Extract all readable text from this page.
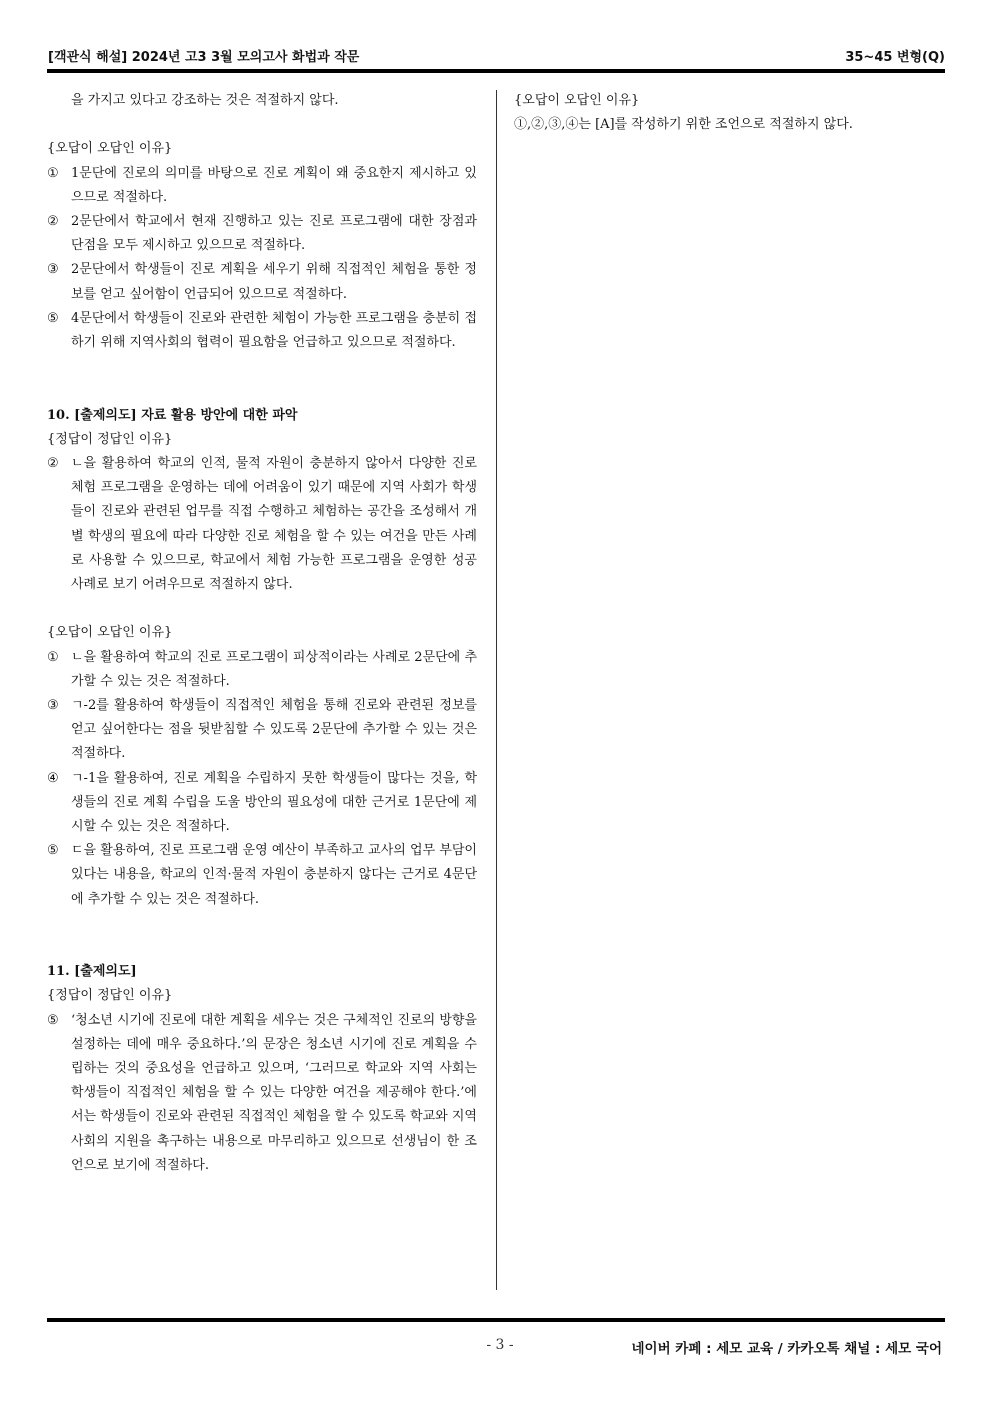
[객관식 해설] 2024년 고3 3월 모의고사 화법과 작문	35~45 변형(Q)

을 가지고 있다고 강조하는 것은 적절하지 않다.

{오답이 오답인 이유}

① 1문단에 진로의 의미를 바탕으로 진로 계획이 왜 중요한지 제시하고 있으므로 적절하다.
② 2문단에서 학교에서 현재 진행하고 있는 진로 프로그램에 대한 장점과 단점을 모두 제시하고 있으므로 적절하다.
③ 2문단에서 학생들이 진로 계획을 세우기 위해 직접적인 체험을 통한 정보를 얻고 싶어함이 언급되어 있으므로 적절하다.
⑤ 4문단에서 학생들이 진로와 관련한 체험이 가능한 프로그램을 충분히 접하기 위해 지역사회의 협력이 필요함을 언급하고 있으므로 적절하다.

10. [출제의도] 자료 활용 방안에 대한 파악

{정답이 정답인 이유}

② ㄴ을 활용하여 학교의 인적, 물적 자원이 충분하지 않아서 다양한 진로 체험 프로그램을 운영하는 데에 어려움이 있기 때문에 지역 사회가 학생들이 진로와 관련된 업무를 직접 수행하고 체험하는 공간을 조성해서 개별 학생의 필요에 따라 다양한 진로 체험을 할 수 있는 여건을 만든 사례로 사용할 수 있으므로, 학교에서 체험 가능한 프로그램을 운영한 성공 사례로 보기 어려우므로 적절하지 않다.

{오답이 오답인 이유}

① ㄴ을 활용하여 학교의 진로 프로그램이 피상적이라는 사례로 2문단에 추가할 수 있는 것은 적절하다.
③ ㄱ-2를 활용하여 학생들이 직접적인 체험을 통해 진로와 관련된 정보를 얻고 싶어한다는 점을 뒷받침할 수 있도록 2문단에 추가할 수 있는 것은 적절하다.
④ ㄱ-1을 활용하여, 진로 계획을 수립하지 못한 학생들이 많다는 것을, 학생들의 진로 계획 수립을 도울 방안의 필요성에 대한 근거로 1문단에 제시할 수 있는 것은 적절하다.
⑤ ㄷ을 활용하여, 진로 프로그램 운영 예산이 부족하고 교사의 업무 부담이 있다는 내용을, 학교의 인적·물적 자원이 충분하지 않다는 근거로 4문단에 추가할 수 있는 것은 적절하다.

11. [출제의도]

{정답이 정답인 이유}

⑤ ‘청소년 시기에 진로에 대한 계획을 세우는 것은 구체적인 진로의 방향을 설정하는 데에 매우 중요하다.’의 문장은 청소년 시기에 진로 계획을 수립하는 것의 중요성을 언급하고 있으며, ‘그러므로 학교와 지역 사회는 학생들이 직접적인 체험을 할 수 있는 다양한 여건을 제공해야 한다.’에서는 학생들이 진로와 관련된 직접적인 체험을 할 수 있도록 학교와 지역 사회의 지원을 촉구하는 내용으로 마무리하고 있으므로 선생님이 한 조언으로 보기에 적절하다.

{오답이 오답인 이유}

①,②,③,④는 [A]를 작성하기 위한 조언으로 적절하지 않다.

- 3 -	네이버 카페 : 세모 교육 / 카카오톡 채널 : 세모 국어
